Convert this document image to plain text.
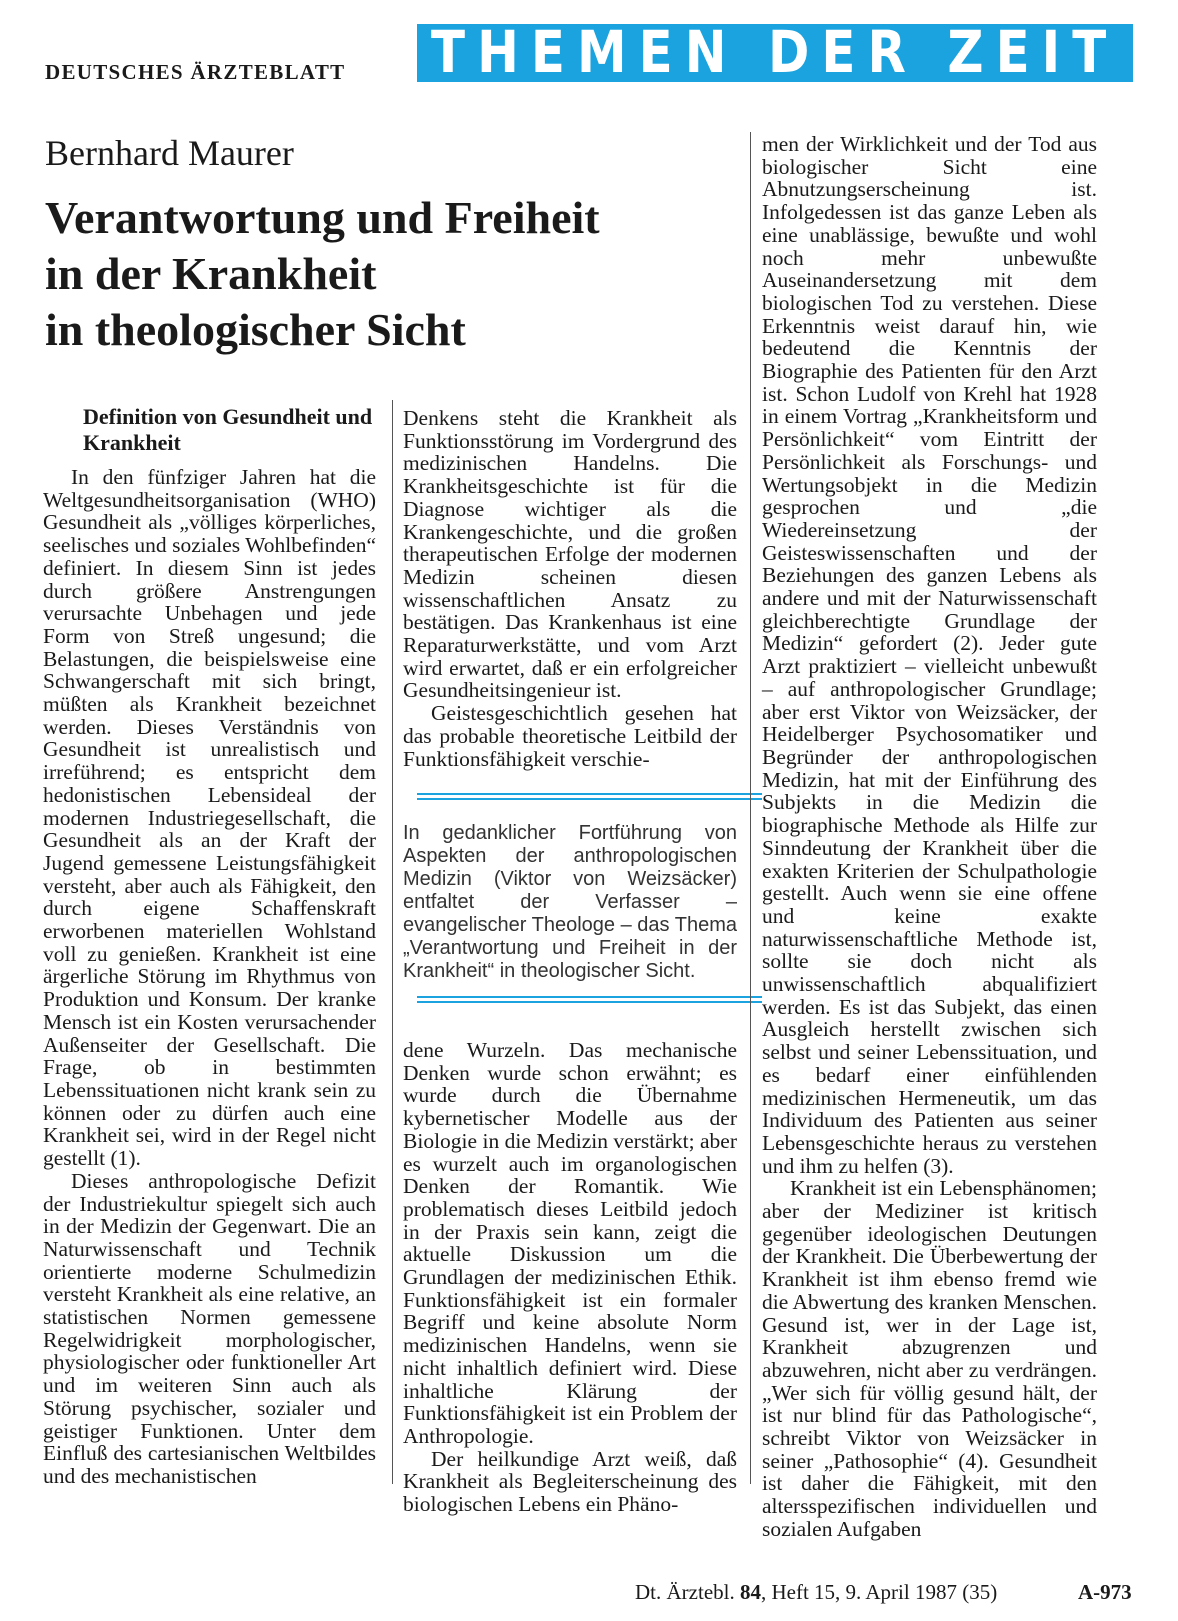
DEUTSCHES ÄRZTEBLATT THEMEN DER ZEIT
Bernhard Maurer
Verantwortung und Freiheit
in der Krankheit
in theologischer Sicht
Definition von Gesundheit und Krankheit

In den fünfziger Jahren hat die Weltgesundheitsorganisation (WHO) Gesundheit als „völliges körperliches, seelisches und soziales Wohlbefinden“ definiert. In diesem Sinn ist jedes durch größere Anstrengungen verursachte Unbehagen und jede Form von Streß ungesund; die Belastungen, die beispielsweise eine Schwangerschaft mit sich bringt, müßten als Krankheit bezeichnet werden. Dieses Verständnis von Gesundheit ist unrealistisch und irreführend; es entspricht dem hedonistischen Lebensideal der modernen Industriegesellschaft, die Gesundheit als an der Kraft der Jugend gemessene Leistungsfähigkeit versteht, aber auch als Fähigkeit, den durch eigene Schaffenskraft erworbenen materiellen Wohlstand voll zu genießen. Krankheit ist eine ärgerliche Störung im Rhythmus von Produktion und Konsum. Der kranke Mensch ist ein Kosten verursachender Außenseiter der Gesellschaft. Die Frage, ob in bestimmten Lebenssituationen nicht krank sein zu können oder zu dürfen auch eine Krankheit sei, wird in der Regel nicht gestellt (1).

Dieses anthropologische Defizit der Industriekultur spiegelt sich auch in der Medizin der Gegenwart. Die an Naturwissenschaft und Technik orientierte moderne Schulmedizin versteht Krankheit als eine relative, an statistischen Normen gemessene Regelwidrigkeit morphologischer, physiologischer oder funktioneller Art und im weiteren Sinn auch als Störung psychischer, sozialer und geistiger Funktionen. Unter dem Einfluß des cartesianischen Weltbildes und des mechanistischen

Denkens steht die Krankheit als Funktionsstörung im Vordergrund des medizinischen Handelns. Die Krankheitsgeschichte ist für die Diagnose wichtiger als die Krankengeschichte, und die großen therapeutischen Erfolge der modernen Medizin scheinen diesen wissenschaftlichen Ansatz zu bestätigen. Das Krankenhaus ist eine Reparaturwerkstätte, und vom Arzt wird erwartet, daß er ein erfolgreicher Gesundheitsingenieur ist.

Geistesgeschichtlich gesehen hat das probable theoretische Leitbild der Funktionsfähigkeit verschie-

In gedanklicher Fortführung von Aspekten der anthropologischen Medizin (Viktor von Weizsäcker) entfaltet der Verfasser – evangelischer Theologe – das Thema „Verantwortung und Freiheit in der Krankheit“ in theologischer Sicht.

dene Wurzeln. Das mechanische Denken wurde schon erwähnt; es wurde durch die Übernahme kybernetischer Modelle aus der Biologie in die Medizin verstärkt; aber es wurzelt auch im organologischen Denken der Romantik. Wie problematisch dieses Leitbild jedoch in der Praxis sein kann, zeigt die aktuelle Diskussion um die Grundlagen der medizinischen Ethik. Funktionsfähigkeit ist ein formaler Begriff und keine absolute Norm medizinischen Handelns, wenn sie nicht inhaltlich definiert wird. Diese inhaltliche Klärung der Funktionsfähigkeit ist ein Problem der Anthropologie.

Der heilkundige Arzt weiß, daß Krankheit als Begleiterscheinung des biologischen Lebens ein Phäno-

men der Wirklichkeit und der Tod aus biologischer Sicht eine Abnutzungserscheinung ist. Infolgedessen ist das ganze Leben als eine unablässige, bewußte und wohl noch mehr unbewußte Auseinandersetzung mit dem biologischen Tod zu verstehen. Diese Erkenntnis weist darauf hin, wie bedeutend die Kenntnis der Biographie des Patienten für den Arzt ist. Schon Ludolf von Krehl hat 1928 in einem Vortrag „Krankheitsform und Persönlichkeit“ vom Eintritt der Persönlichkeit als Forschungs- und Wertungsobjekt in die Medizin gesprochen und „die Wiedereinsetzung der Geisteswissenschaften und der Beziehungen des ganzen Lebens als andere und mit der Naturwissenschaft gleichberechtigte Grundlage der Medizin“ gefordert (2). Jeder gute Arzt praktiziert – vielleicht unbewußt – auf anthropologischer Grundlage; aber erst Viktor von Weizsäcker, der Heidelberger Psychosomatiker und Begründer der anthropologischen Medizin, hat mit der Einführung des Subjekts in die Medizin die biographische Methode als Hilfe zur Sinndeutung der Krankheit über die exakten Kriterien der Schulpathologie gestellt. Auch wenn sie eine offene und keine exakte naturwissenschaftliche Methode ist, sollte sie doch nicht als unwissenschaftlich abqualifiziert werden. Es ist das Subjekt, das einen Ausgleich herstellt zwischen sich selbst und seiner Lebenssituation, und es bedarf einer einfühlenden medizinischen Hermeneutik, um das Individuum des Patienten aus seiner Lebensgeschichte heraus zu verstehen und ihm zu helfen (3).

Krankheit ist ein Lebensphänomen; aber der Mediziner ist kritisch gegenüber ideologischen Deutungen der Krankheit. Die Überbewertung der Krankheit ist ihm ebenso fremd wie die Abwertung des kranken Menschen. Gesund ist, wer in der Lage ist, Krankheit abzugrenzen und abzuwehren, nicht aber zu verdrängen. „Wer sich für völlig gesund hält, der ist nur blind für das Pathologische“, schreibt Viktor von Weizsäcker in seiner „Pathosophie“ (4). Gesundheit ist daher die Fähigkeit, mit den altersspezifischen individuellen und sozialen Aufgaben

Dt. Ärztebl. 84, Heft 15, 9. April 1987 (35)	A-973
